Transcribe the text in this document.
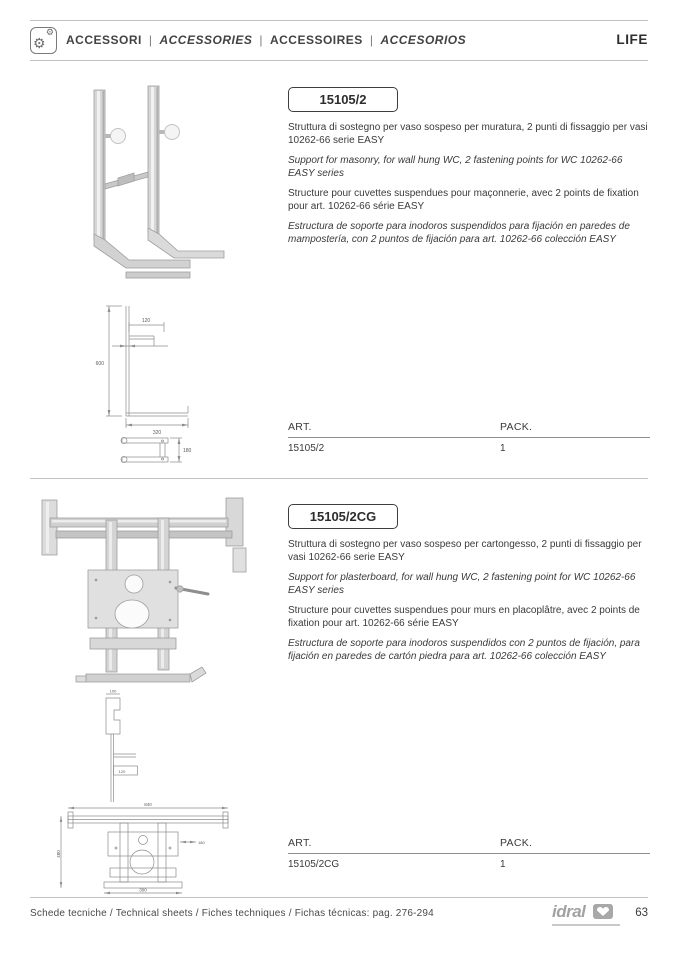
⚙
⚙
ACCESSORI | ACCESSORIES | ACCESSOIRES | ACCESORIOS	LIFE
120
600
320
180
15105/2

Struttura di sostegno per vaso sospeso per muratura, 2 punti di fissaggio per vasi 10262-66 serie EASY

Support for masonry, for wall hung WC, 2 fastening points for WC 10262-66 EASY series

Structure pour cuvettes suspendues pour maçonnerie, avec 2 points de fixation pour art. 10262-66 série EASY

Estructura de soporte para inodoros suspendidos para fijación en paredes de mampostería, con 2 puntos de fijación para art. 10262-66 colección EASY

ART.	PACK.
15105/2	1
100
120
840
480
180
300
15105/2CG

Struttura di sostegno per vaso sospeso per cartongesso, 2 punti di fissaggio per vasi 10262-66 serie EASY

Support for plasterboard, for wall hung WC, 2 fastening point for WC 10262-66 EASY series

Structure pour cuvettes suspendues pour murs en placoplâtre, avec 2 points de fixation pour art. 10262-66 série EASY

Estructura de soporte para inodoros suspendidos con 2 puntos de fijación, para fijación en paredes de cartón piedra para art. 10262-66 colección EASY

ART.	PACK.
15105/2CG	1
Schede tecniche / Technical sheets / Fiches techniques / Fichas técnicas: pag. 276-294	idral	63
